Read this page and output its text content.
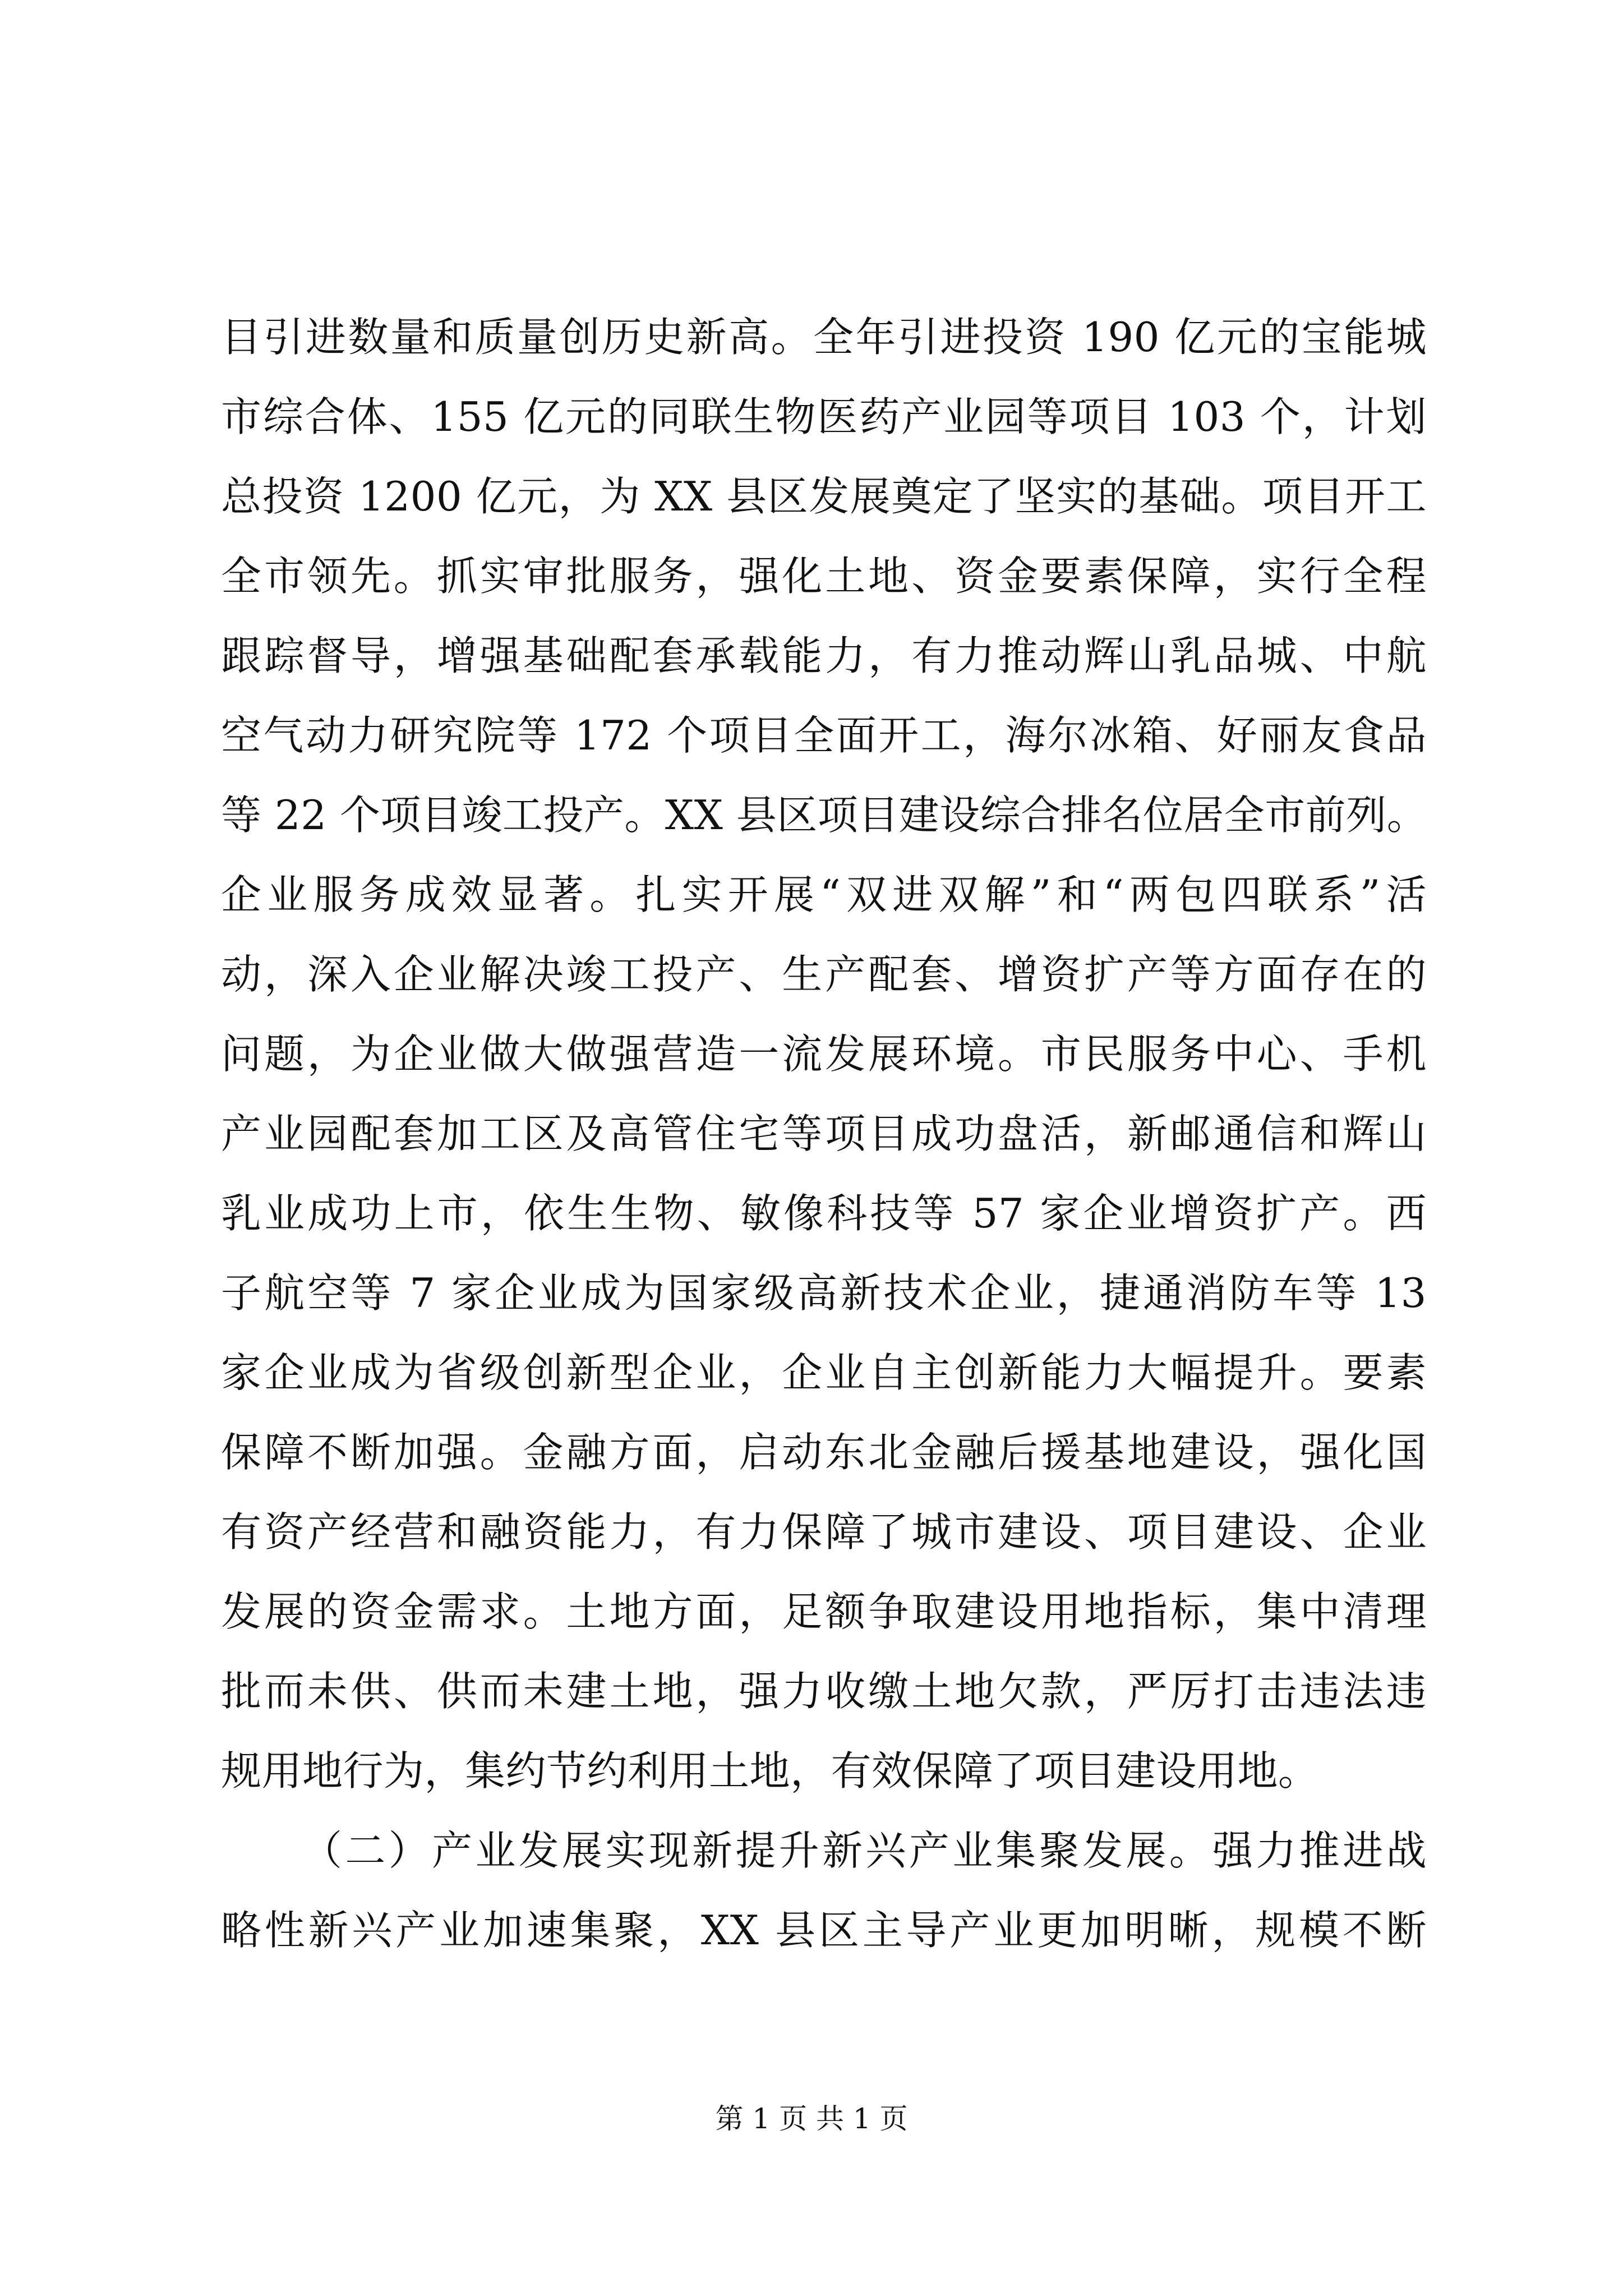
目引进数量和质量创历史新高。全年引进投资 190 亿元的宝能城
市综合体、155 亿元的同联生物医药产业园等项目 103 个，计划
总投资 1200 亿元，为 XX 县区发展奠定了坚实的基础。项目开工
全市领先。抓实审批服务，强化土地、资金要素保障，实行全程
跟踪督导，增强基础配套承载能力，有力推动辉山乳品城、中航
空气动力研究院等 172 个项目全面开工，海尔冰箱、好丽友食品
等 22 个项目竣工投产。XX 县区项目建设综合排名位居全市前列。
企业服务成效显著。扎实开展“双进双解”和“两包四联系”活
动，深入企业解决竣工投产、生产配套、增资扩产等方面存在的
问题，为企业做大做强营造一流发展环境。市民服务中心、手机
产业园配套加工区及高管住宅等项目成功盘活，新邮通信和辉山
乳业成功上市，依生生物、敏像科技等 57 家企业增资扩产。西
子航空等 7 家企业成为国家级高新技术企业，捷通消防车等 13
家企业成为省级创新型企业，企业自主创新能力大幅提升。要素
保障不断加强。金融方面，启动东北金融后援基地建设，强化国
有资产经营和融资能力，有力保障了城市建设、项目建设、企业
发展的资金需求。土地方面，足额争取建设用地指标，集中清理
批而未供、供而未建土地，强力收缴土地欠款，严厉打击违法违
规用地行为，集约节约利用土地，有效保障了项目建设用地。
（二）产业发展实现新提升新兴产业集聚发展。强力推进战
略性新兴产业加速集聚，XX 县区主导产业更加明晰，规模不断
第 1 页 共 1 页
